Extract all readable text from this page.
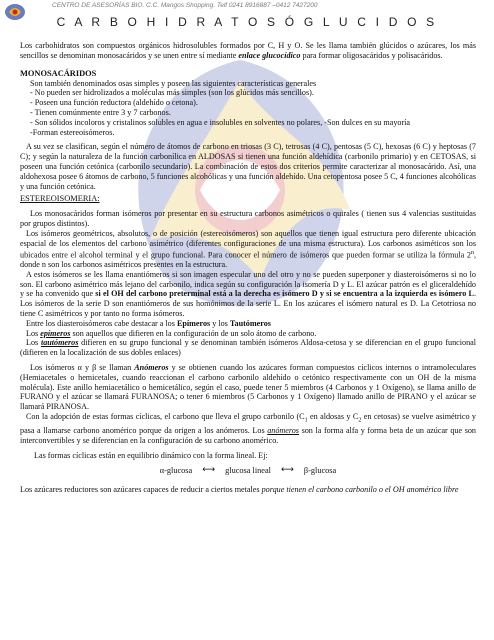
CENTRO DE ASESORÍAS BIO. C.C. Mangos Shopping. Telf 0241 8916887 –0412 7427200
C A R B O H I D R A T O S Ó G L U C I D O S

Los carbohidratos son compuestos orgánicos hidrosolubles formados por C, H y O. Se les llama también glúcidos o azúcares, los más sencillos se denominan monosacáridos y se unen entre sí mediante enlace glucocídico para formar oligosacáridos y polisacáridos.

MONOSACÁRIDOS

Son también denominados osas simples y poseen las siguientes características generales

- No pueden ser hidrolizados a moléculas más simples (son los glúcidos más sencillos).
- Poseen una función reductora (aldehído o cetona).
- Tienen comúnmente entre 3 y 7 carbonos.
- Son sólidos incoloros y cristalinos solubles en agua e insolubles en solventes no polares, -Son dulces en su mayoría
-Forman estereoisómeros.

A su vez se clasifican, según el número de átomos de carbono en triosas (3 C), tetrosas (4 C), pentosas (5 C), hexosas (6 C) y heptosas (7 C); y según la naturaleza de la función carbonílica en ALDOSAS si tienen una función aldehídica (carbonilo primario) y en CETOSAS, si poseen una función cetónica (carbonilo secundario). La combinación de estos dos criterios permite caracterizar al monosacárido. Así, una aldohexosa posee 6 átomos de carbono, 5 funciones alcohólicas y una función aldehído. Una cetopentosa posee 5 C, 4 funciones alcohólicas y una función cetónica.

ESTEREOISOMERIA:

Los monosacáridos forman isómeros por presentar en su estructura carbonos asimétricos o quirales ( tienen sus 4 valencias sustituidas por grupos distintos).

Los isómeros geométricos, absolutos, o de posición (estereoisómeros) son aquellos que tienen igual estructura pero diferente ubicación espacial de los elementos del carbono asimétrico (diferentes configuraciones de una misma estructura). Los carbonos asiméticos son los ubicados entre el alcohol terminal y el grupo funcional. Para conocer el número de isómeros que pueden formar se utiliza la fórmula 2$^n$, donde n son los carbonos asimétricos presentes en la estructura.

A estos isómeros se les llama enantiómeros si son imagen especular uno del otro y no se pueden superponer y diasteroisómeros si no lo son. El carbono asimétrico más lejano del carbonilo, indica según su configuración la isomería D y L. El azúcar patrón es el gliceraldehído y se ha convenido que si el OH del carbono preterminal está a la derecha es isómero D y si se encuentra a la izquierda es isómero L. Los isómeros de la serie D son enantiómeros de sus homónimos de la serie L. En los azúcares el isómero natural es D. La Cetotriosa no tiene C asimétricos y por tanto no forma isómeros.

Entre los diasteroisómeros cabe destacar a los Epímeros y los Tautómeros

Los epímeros son aquellos que difieren en la configuración de un solo átomo de carbono.

Los tautómeros difieren en su grupo funcional y se denominan también isómeros Aldosa-cetosa y se diferencian en el grupo funcional (difieren en la localización de sus dobles enlaces)

Los isómeros α y β se llaman Anómeros y se obtienen cuando los azúcares forman compuestos cíclicos internos o intramoleculares (Hemiacetales o hemicetales, cuando reaccionan el carbono carbonilo aldehído o cetónico respectivamente con un OH de la misma molécula). Este anillo hemiacetálico o hemicetálico, según el caso, puede tener 5 miembros (4 Carbonos y 1 Oxígeno), se llama anillo de FURANO y el azúcar se llamará FURANOSA; o tener 6 miembros (5 Carbonos y 1 Oxígeno) llamado anillo de PIRANO y el azúcar se llamará PIRANOSA.

Con la adopción de estas formas cíclicas, el carbono que lleva el grupo carbonilo ($C_1$ en aldosas y $C_2$ en cetosas) se vuelve asimétrico y pasa a llamarse carbono anomérico porque da origen a los anómeros. Los anómeros son la forma alfa y forma beta de un azúcar que son interconvertibles y se diferencian en la configuración de su carbono anomérico.

Las formas cíclicas están en equilibrio dinámico con la forma lineal. Ej:

α-glucosa ⟷ glucosa lineal ⟷ β-glucosa

Los azúcares reductores son azúcares capaces de reducir a ciertos metales porque tienen el carbono carbonilo o el OH anomérico libre
